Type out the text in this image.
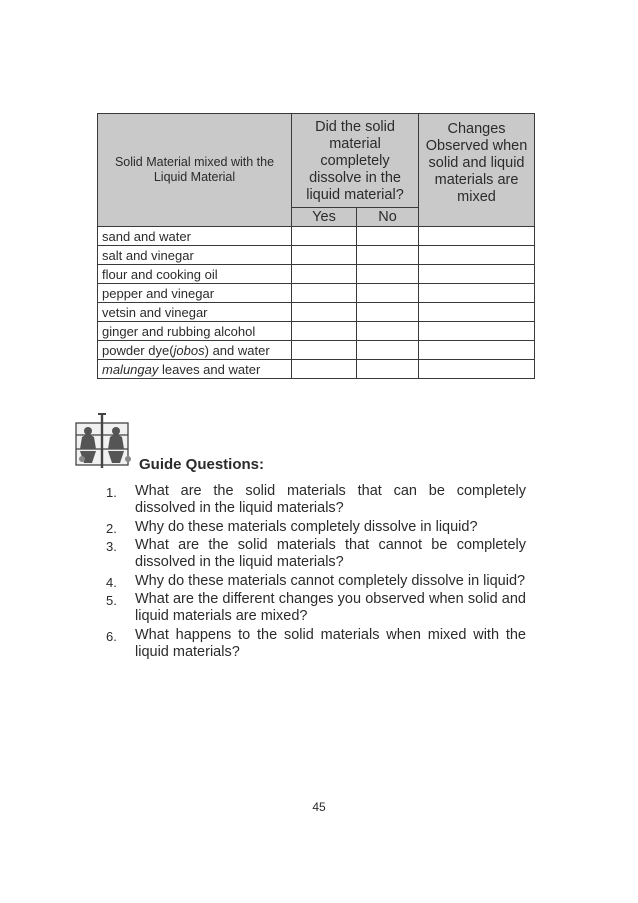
Solid Material mixed with the Liquid Material	Did the solid material completely dissolve in the liquid material?		Changes Observed when solid and liquid materials are mixed
	Yes	No	
sand and water			
salt and vinegar			
flour and cooking oil			
pepper and vinegar			
vetsin and vinegar			
ginger and rubbing alcohol			
powder dye(jobos) and water			
malungay leaves and water			
Guide Questions:
1. What are the solid materials that can be completely dissolved in the liquid materials?
2. Why do these materials completely dissolve in liquid?
3. What are the solid materials that cannot be completely dissolved in the liquid materials?
4. Why do these materials cannot completely dissolve in liquid?
5. What are the different changes you observed when solid and liquid materials are mixed?
6. What happens to the solid materials when mixed with the liquid materials?
45
